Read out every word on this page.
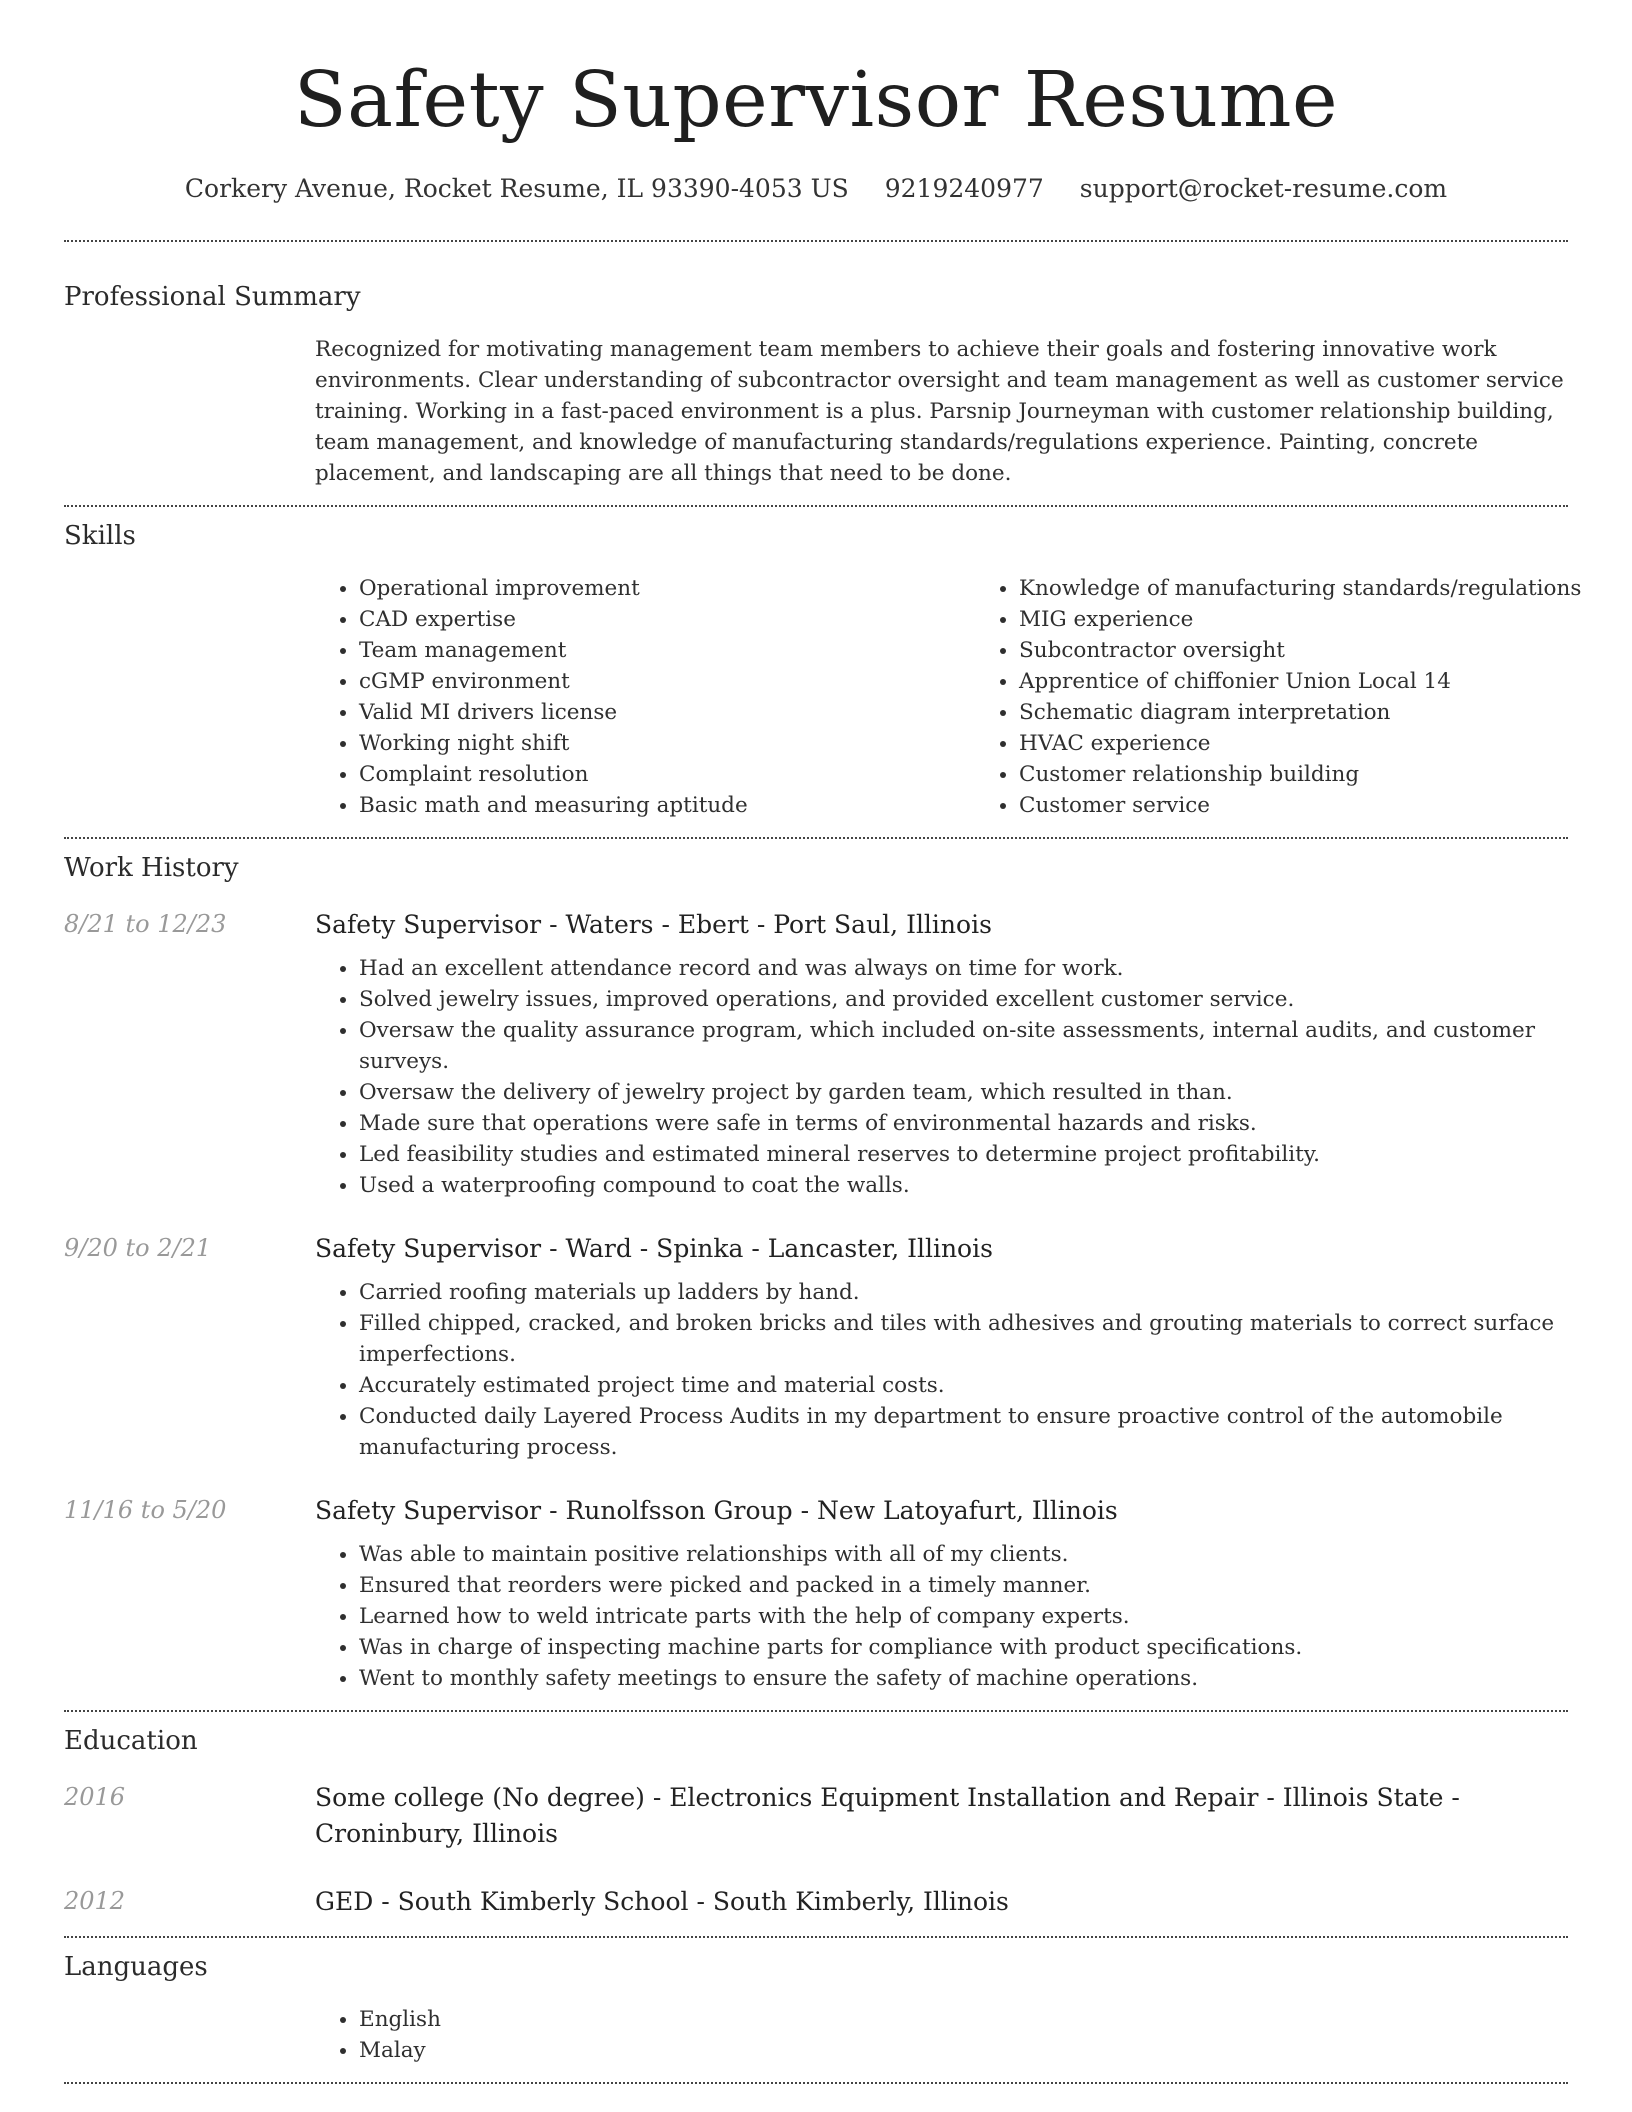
Safety Supervisor Resume
Corkery Avenue, Rocket Resume, IL 93390-4053 US 9219240977 support@rocket-resume.com
Professional Summary
Recognized for motivating management team members to achieve their goals and fostering innovative work environments. Clear understanding of subcontractor oversight and team management as well as customer service training. Working in a fast-paced environment is a plus. Parsnip Journeyman with customer relationship building, team management, and knowledge of manufacturing standards/regulations experience. Painting, concrete placement, and landscaping are all things that need to be done.
Skills
• Operational improvement
• CAD expertise
• Team management
• cGMP environment
• Valid MI drivers license
• Working night shift
• Complaint resolution
• Basic math and measuring aptitude
• Knowledge of manufacturing standards/regulations
• MIG experience
• Subcontractor oversight
• Apprentice of chiffonier Union Local 14
• Schematic diagram interpretation
• HVAC experience
• Customer relationship building
• Customer service
Work History
8/21 to 12/23	Safety Supervisor - Waters - Ebert - Port Saul, Illinois
• Had an excellent attendance record and was always on time for work.
• Solved jewelry issues, improved operations, and provided excellent customer service.
• Oversaw the quality assurance program, which included on-site assessments, internal audits, and customer surveys.
• Oversaw the delivery of jewelry project by garden team, which resulted in than.
• Made sure that operations were safe in terms of environmental hazards and risks.
• Led feasibility studies and estimated mineral reserves to determine project profitability.
• Used a waterproofing compound to coat the walls.
9/20 to 2/21	Safety Supervisor - Ward - Spinka - Lancaster, Illinois
• Carried roofing materials up ladders by hand.
• Filled chipped, cracked, and broken bricks and tiles with adhesives and grouting materials to correct surface imperfections.
• Accurately estimated project time and material costs.
• Conducted daily Layered Process Audits in my department to ensure proactive control of the automobile manufacturing process.
11/16 to 5/20	Safety Supervisor - Runolfsson Group - New Latoyafurt, Illinois
• Was able to maintain positive relationships with all of my clients.
• Ensured that reorders were picked and packed in a timely manner.
• Learned how to weld intricate parts with the help of company experts.
• Was in charge of inspecting machine parts for compliance with product specifications.
• Went to monthly safety meetings to ensure the safety of machine operations.
Education
2016	Some college (No degree) - Electronics Equipment Installation and Repair - Illinois State - Croninbury, Illinois
2012	GED - South Kimberly School - South Kimberly, Illinois
Languages
• English
• Malay
